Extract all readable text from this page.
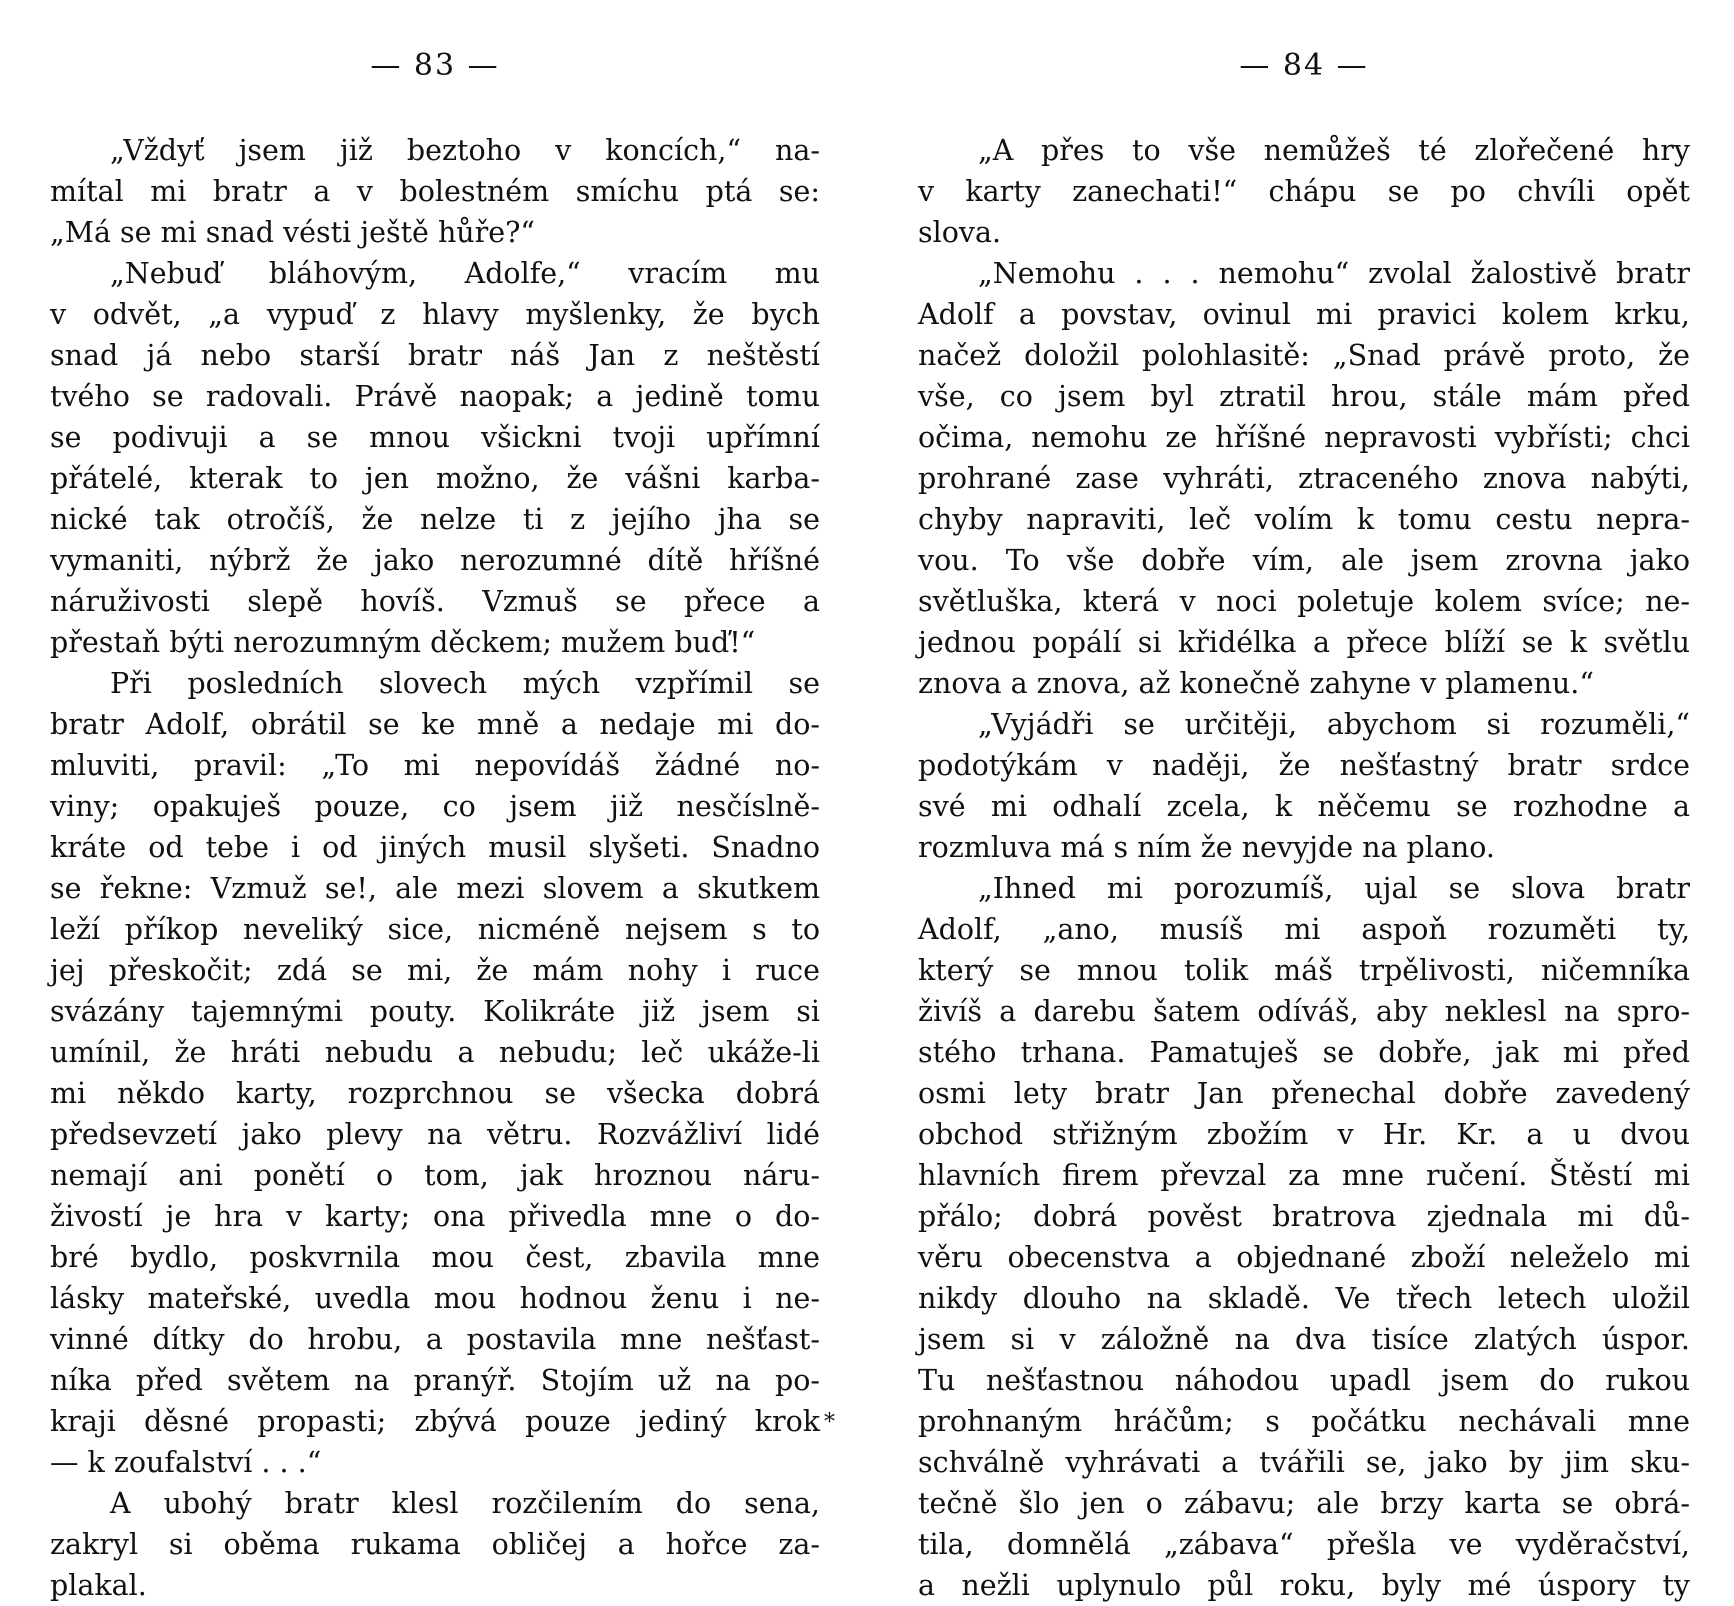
— 83 —
„Vždyť jsem již beztoho v koncích,“ na-
mítal mi bratr a v bolestném smíchu ptá se:
„Má se mi snad vésti ještě hůře?“
„Nebuď bláhovým, Adolfe,“ vracím mu
v odvět, „a vypuď z hlavy myšlenky, že bych
snad já nebo starší bratr náš Jan z neštěstí
tvého se radovali. Právě naopak; a jedině tomu
se podivuji a se mnou všickni tvoji upřímní
přátelé, kterak to jen možno, že vášni karba-
nické tak otročíš, že nelze ti z jejího jha se
vymaniti, nýbrž že jako nerozumné dítě hříšné
náruživosti slepě hovíš. Vzmuš se přece a
přestaň býti nerozumným děckem; mužem buď!“
Při posledních slovech mých vzpřímil se
bratr Adolf, obrátil se ke mně a nedaje mi do-
mluviti, pravil: „To mi nepovídáš žádné no-
viny; opakuješ pouze, co jsem již nesčíslně-
kráte od tebe i od jiných musil slyšeti. Snadno
se řekne: Vzmuž se!, ale mezi slovem a skutkem
leží příkop neveliký sice, nicméně nejsem s to
jej přeskočit; zdá se mi, že mám nohy i ruce
svázány tajemnými pouty. Kolikráte již jsem si
umínil, že hráti nebudu a nebudu; leč ukáže-li
mi někdo karty, rozprchnou se všecka dobrá
předsevzetí jako plevy na větru. Rozvážliví lidé
nemají ani ponětí o tom, jak hroznou náru-
živostí je hra v karty; ona přivedla mne o do-
bré bydlo, poskvrnila mou čest, zbavila mne
lásky mateřské, uvedla mou hodnou ženu i ne-
vinné dítky do hrobu, a postavila mne nešťast-
níka před světem na pranýř. Stojím už na po-
kraji děsné propasti; zbývá pouze jediný krok
— k zoufalství . . .“
A ubohý bratr klesl rozčilením do sena,
zakryl si oběma rukama obličej a hořce za-
plakal.
*
— 84 —
„A přes to vše nemůžeš té zlořečené hry
v karty zanechati!“ chápu se po chvíli opět
slova.
„Nemohu . . . nemohu“ zvolal žalostivě bratr
Adolf a povstav, ovinul mi pravici kolem krku,
načež doložil polohlasitě: „Snad právě proto, že
vše, co jsem byl ztratil hrou, stále mám před
očima, nemohu ze hříšné nepravosti vybřísti; chci
prohrané zase vyhráti, ztraceného znova nabýti,
chyby napraviti, leč volím k tomu cestu nepra-
vou. To vše dobře vím, ale jsem zrovna jako
světluška, která v noci poletuje kolem svíce; ne-
jednou popálí si křidélka a přece blíží se k světlu
znova a znova, až konečně zahyne v plamenu.“
„Vyjádři se určitěji, abychom si rozuměli,“
podotýkám v naději, že nešťastný bratr srdce
své mi odhalí zcela, k něčemu se rozhodne a
rozmluva má s ním že nevyjde na plano.
„Ihned mi porozumíš, ujal se slova bratr
Adolf, „ano, musíš mi aspoň rozuměti ty,
který se mnou tolik máš trpělivosti, ničemníka
živíš a darebu šatem odíváš, aby neklesl na spro-
stého trhana. Pamatuješ se dobře, jak mi před
osmi lety bratr Jan přenechal dobře zavedený
obchod střižným zbožím v Hr. Kr. a u dvou
hlavních firem převzal za mne ručení. Štěstí mi
přálo; dobrá pověst bratrova zjednala mi dů-
věru obecenstva a objednané zboží neleželo mi
nikdy dlouho na skladě. Ve třech letech uložil
jsem si v záložně na dva tisíce zlatých úspor.
Tu nešťastnou náhodou upadl jsem do rukou
prohnaným hráčům; s počátku nechávali mne
schválně vyhrávati a tvářili se, jako by jim sku-
tečně šlo jen o zábavu; ale brzy karta se obrá-
tila, domnělá „zábava“ přešla ve vyděračství,
a nežli uplynulo půl roku, byly mé úspory ty
